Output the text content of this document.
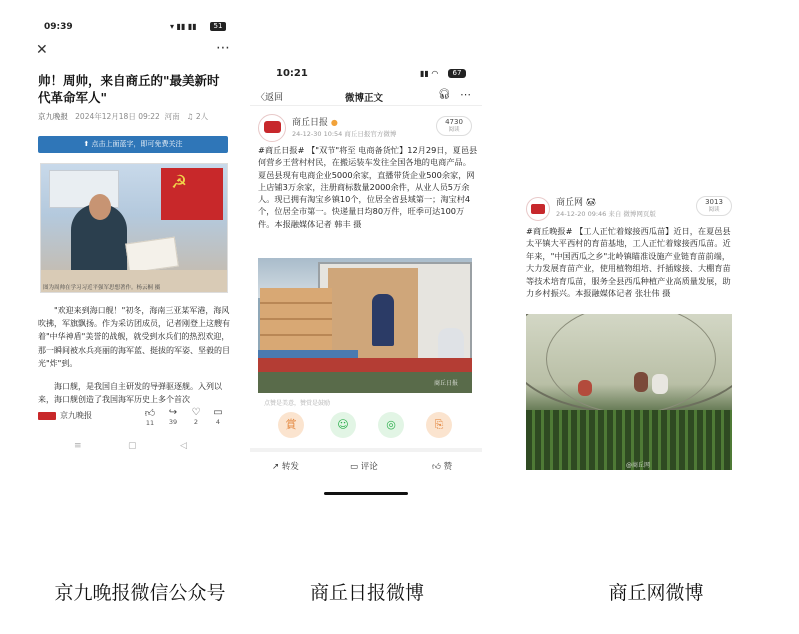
09:39	▾ ▮▮ ▮▮	51
✕	⋯
帅！周帅，来自商丘的"最美新时代革命军人"
京九晚报 2024年12月18日 09:22 河南 ♫ 2人
⬆ 点击上面蓝字，即可免费关注
☭
图为周帅在学习习近平强军思想著作。杨云桐 摄
"欢迎来到海口舰！"初冬，海南三亚某军港，海风吹拂，军旗飘扬。作为采访团成员，记者刚登上这艘有着"中华神盾"美誉的战舰，就受到水兵们的热烈欢迎，那一瞬间被水兵亮丽的海军蓝、挺拔的军姿、坚毅的目光"炸"到。
海口舰，是我国自主研发的导弹驱逐舰。入列以来，海口舰创造了我国海军历史上多个首次
京九晚报	👍︎
11
↪
39
♡
2
▭
4
≡	▢	◁
10:21	▮▮ ◠	67
〈返回	微博正文	🎧︎ ⋯
商丘日报 ●
24-12-30 10:54 商丘日报官方微博
4730
阅读
#商丘日报# 【"双节"将至 电商备货忙】12月29日，夏邑县何营乡王营村村民，在搬运装车发往全国各地的电商产品。夏邑县现有电商企业5000余家，直播带货企业500余家，网上店铺3万余家，注册商标数量2000余件，从业人员5万余人。现已拥有淘宝乡镇10个，位居全省县域第一；淘宝村4个，位居全市第一。快递量日均80万件，旺季可达100万件。本报融媒体记者 韩丰 摄
商丘日报
点赞是美意，赞赏是鼓励
賞	☺	◎	⎘
↗ 转发	▭ 评论	👍︎ 赞
商丘网 🐼︎
24-12-20 09:46 来自 微博网页版
3013
阅读
#商丘晚报# 【工人正忙着嫁接西瓜苗】近日，在夏邑县太平镇大平西村的育苗基地，工人正忙着嫁接西瓜苗。近年来，"中国西瓜之乡"北岭镇瞄准设施产业链育苗前端，大力发展育苗产业，使用植物组培、扦插嫁接、大棚育苗等技术培育瓜苗，服务全县西瓜种植产业高质量发展，助力乡村振兴。本报融媒体记者 张壮伟 摄
@商丘网
京九晚报微信公众号	商丘日报微博	商丘网微博
